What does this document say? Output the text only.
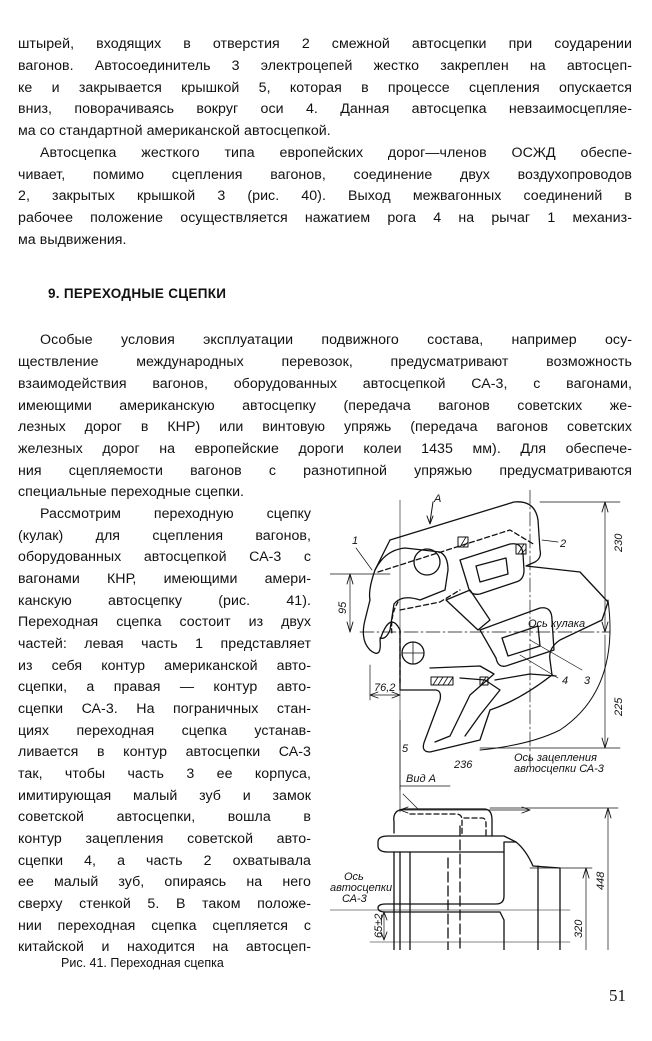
штырей, входящих в отверстия 2 смежной автосцепки при соударении
вагонов. Автосоединитель 3 электроцепей жестко закреплен на автосцеп-
ке и закрывается крышкой 5, которая в процессе сцепления опускается
вниз, поворачиваясь вокруг оси 4. Данная автосцепка невзаимосцепляе-
ма со стандартной американской автосцепкой.
Автосцепка жесткого типа европейских дорог—членов ОСЖД обеспе-
чивает, помимо сцепления вагонов, соединение двух воздухопроводов
2, закрытых крышкой 3 (рис. 40). Выход межвагонных соединений в
рабочее положение осуществляется нажатием рога 4 на рычаг 1 механиз-
ма выдвижения.
9. ПЕРЕХОДНЫЕ СЦЕПКИ
Особые условия эксплуатации подвижного состава, например осу-
ществление международных перевозок, предусматривают возможность
взаимодействия вагонов, оборудованных автосцепкой СА-3, с вагонами,
имеющими американскую автосцепку (передача вагонов советских же-
лезных дорог в КНР) или винтовую упряжь (передача вагонов советских
железных дорог на европейские дороги колеи 1435 мм). Для обеспече-
ния сцепляемости вагонов с разнотипной упряжью предусматриваются
специальные переходные сцепки.
Рассмотрим переходную сцепку
(кулак) для сцепления вагонов,
оборудованных автосцепкой СА-3 с
вагонами КНР, имеющими амери-
канскую автосцепку (рис. 41).
Переходная сцепка состоит из двух
частей: левая часть 1 представляет
из себя контур американской авто-
сцепки, а правая — контур авто-
сцепки СА-3. На пограничных стан-
циях переходная сцепка устанав-
ливается в контур автосцепки СА-3
так, чтобы часть 3 ее корпуса,
имитирующая малый зуб и замок
советской автосцепки, вошла в
контур зацепления советской авто-
сцепки 4, а часть 2 охватывала
ее малый зуб, опираясь на него
сверху стенкой 5. В таком положе-
нии переходная сцепка сцепляется с
китайской и находится на автосцеп-
A
1	2
4 3
5
230
95
76,2
225
236
Ось кулака
Ось зацепления
автосцепки СА-3
Вид А
Ось
автосцепки
СА-3
65±2	320
448
Рис. 41. Переходная сцепка
51
